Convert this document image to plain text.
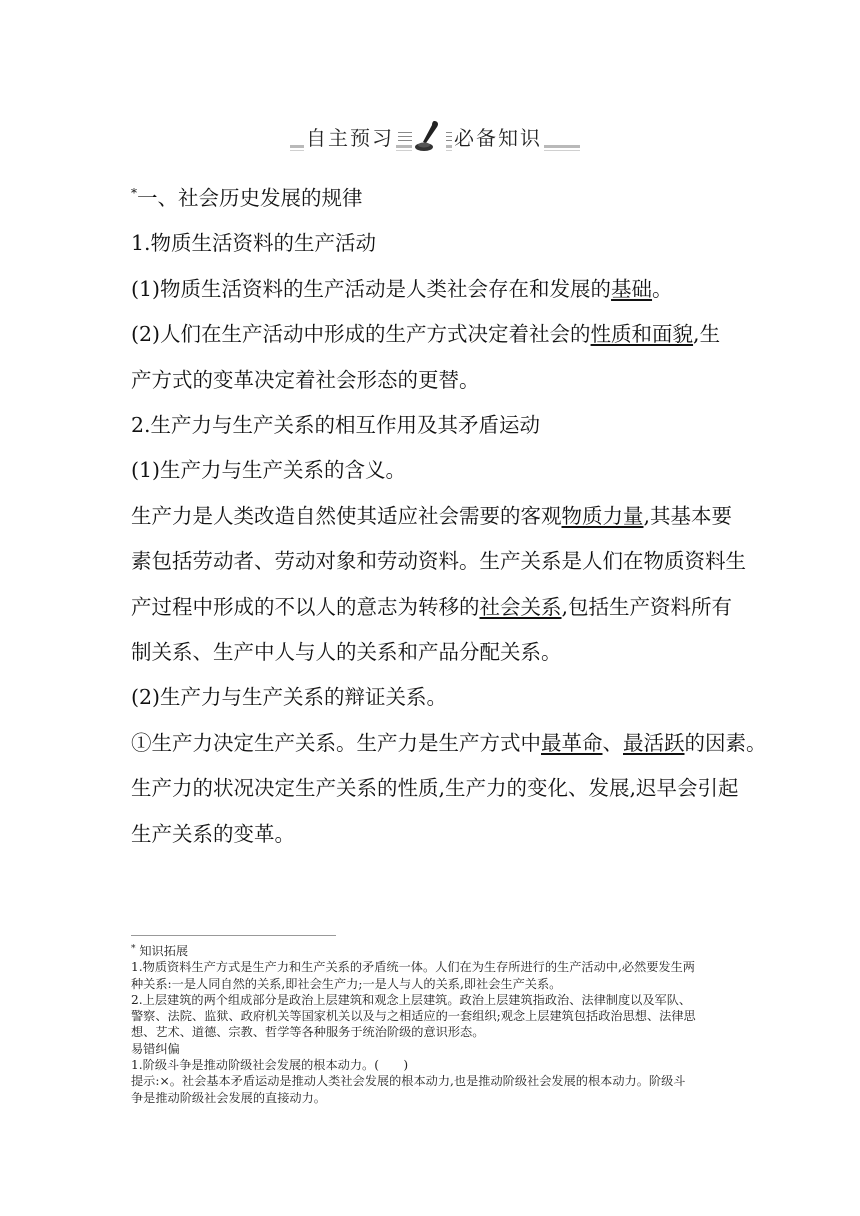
自主预习	必备知识

*一、社会历史发展的规律

1.物质生活资料的生产活动

(1)物质生活资料的生产活动是人类社会存在和发展的基础。

(2)人们在生产活动中形成的生产方式决定着社会的性质和面貌,生

产方式的变革决定着社会形态的更替。

2.生产力与生产关系的相互作用及其矛盾运动

(1)生产力与生产关系的含义。

生产力是人类改造自然使其适应社会需要的客观物质力量,其基本要

素包括劳动者、劳动对象和劳动资料。生产关系是人们在物质资料生

产过程中形成的不以人的意志为转移的社会关系,包括生产资料所有

制关系、生产中人与人的关系和产品分配关系。

(2)生产力与生产关系的辩证关系。

①生产力决定生产关系。生产力是生产方式中最革命、最活跃的因素。

生产力的状况决定生产关系的性质,生产力的变化、发展,迟早会引起

生产关系的变革。

* 知识拓展

1.物质资料生产方式是生产力和生产关系的矛盾统一体。人们在为生存所进行的生产活动中,必然要发生两

种关系:一是人同自然的关系,即社会生产力;一是人与人的关系,即社会生产关系。

2.上层建筑的两个组成部分是政治上层建筑和观念上层建筑。政治上层建筑指政治、法律制度以及军队、

警察、法院、监狱、政府机关等国家机关以及与之相适应的一套组织;观念上层建筑包括政治思想、法律思

想、艺术、道德、宗教、哲学等各种服务于统治阶级的意识形态。

易错纠偏

1.阶级斗争是推动阶级社会发展的根本动力。(　　)

提示:×。社会基本矛盾运动是推动人类社会发展的根本动力,也是推动阶级社会发展的根本动力。阶级斗

争是推动阶级社会发展的直接动力。
